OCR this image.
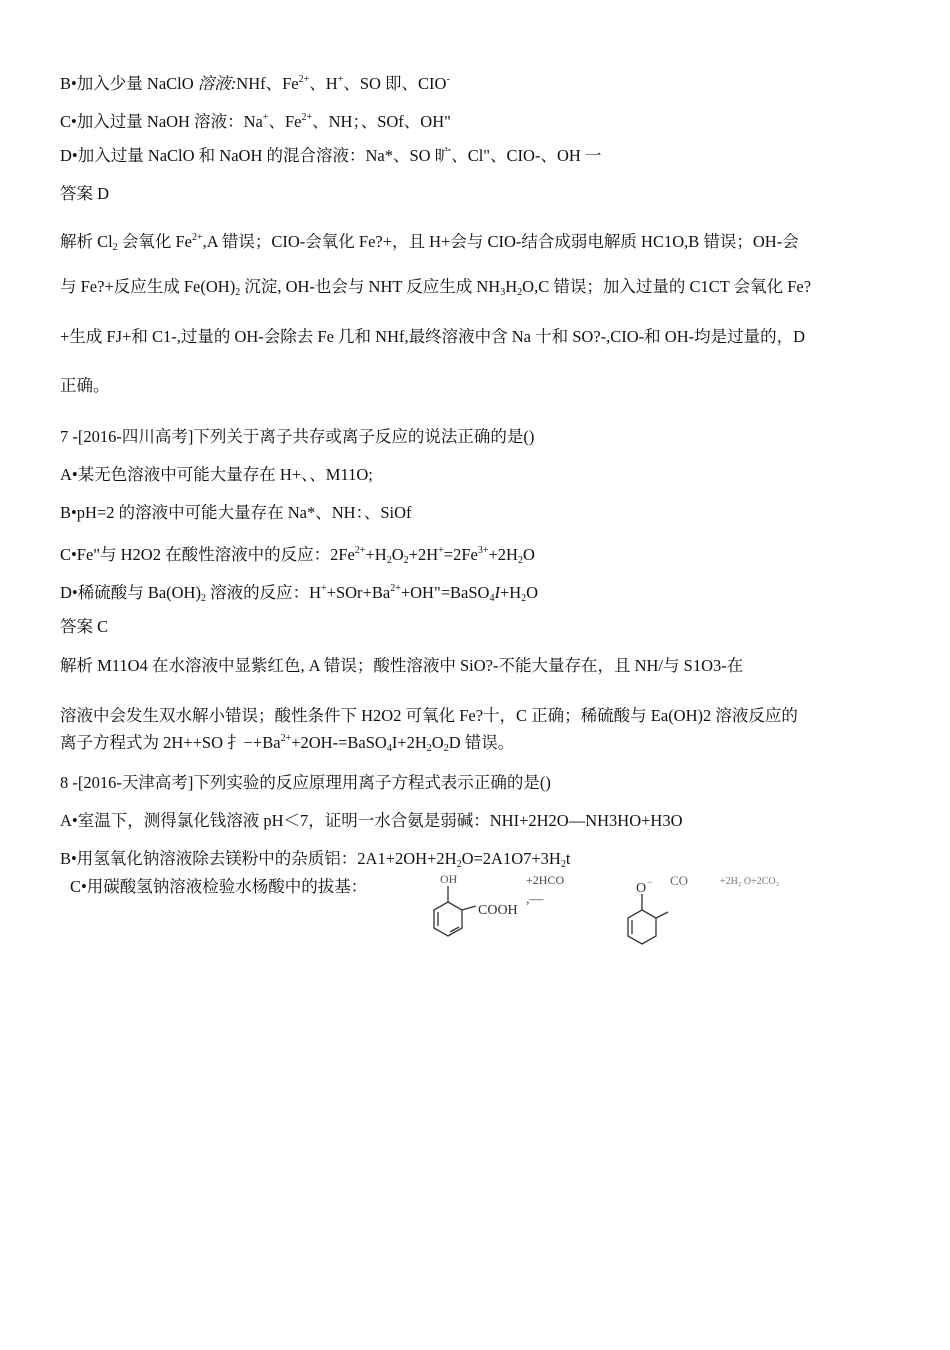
B•加入少量 NaClO 溶液:NHf、$Fe^{2+}$、H+、SO 即、CIO-
C•加入过量 NaOH 溶液：Na+、$Fe^{2+}$、NH；、SOf、OH"
D•加入过量 NaClO 和 NaOH 的混合溶液：Na*、SO 旷、Cl"、CIO-、OH 一
答案 D
解析 $Cl_2$ 会氧化 $Fe^{2+},A$ 错误；CIO-会氧化 Fe?+，且 H+会与 CIO-结合成弱电解质 HC1O,B 错误；OH-会
与 Fe?+反应生成 $Fe(OH)_2$ 沉淀, OH-也会与 NHT 反应生成 $NH_3H_2O,C$ 错误；加入过量的 C1CT 会氧化 Fe?
+生成 FJ+和 C1-,过量的 OH-会除去 Fe 几和 NHf,最终溶液中含 Na 十和 SO?-,CIO-和 OH-均是过量的，D
正确。
7 -[2016-四川高考]下列关于离子共存或离子反应的说法正确的是()
A•某无色溶液中可能大量存在 H+、、M11O;
B•pH=2 的溶液中可能大量存在 Na*、NH：、SiOf
C•Fe"与 H2O2 在酸性溶液中的反应：$2Fe^{2+}+H_2O_2+2H^+=2Fe^{3+}+2H_2O$
D•稀硫酸与 $Ba(OH)_2$ 溶液的反应：$H^++SOr+Ba^{2+}+OH"=BaSO_4I+H_2O$
答案 C
解析 M11O4 在水溶液中显紫红色, A 错误；酸性溶液中 SiO?-不能大量存在，且 NH/与 S1O3-在
溶液中会发生双水解小错误；酸性条件下 H2O2 可氧化 Fe?十，C 正确；稀硫酸与 Ea(OH)2 溶液反应的
离子方程式为 2H++SO 扌$-+Ba^{2+}+2OH-=BaSO_4I+2H_2O_2D$ 错误。
8 -[2016-天津高考]下列实验的反应原理用离子方程式表示正确的是()
A•室温下，测得氯化钱溶液 pH＜7，证明一水合氨是弱碱：NHI+2H2O—NH3HO+H3O
B•用氢氧化钠溶液除去镁粉中的杂质铝：$2A1+2OH+2H_2O=2A1O7+3H_2t$
C•用碳酸氢钠溶液检验水杨酸中的拔基：	OH
COOH
+2HCO
,—
O − CO	+2H₂ O+2CO₂
